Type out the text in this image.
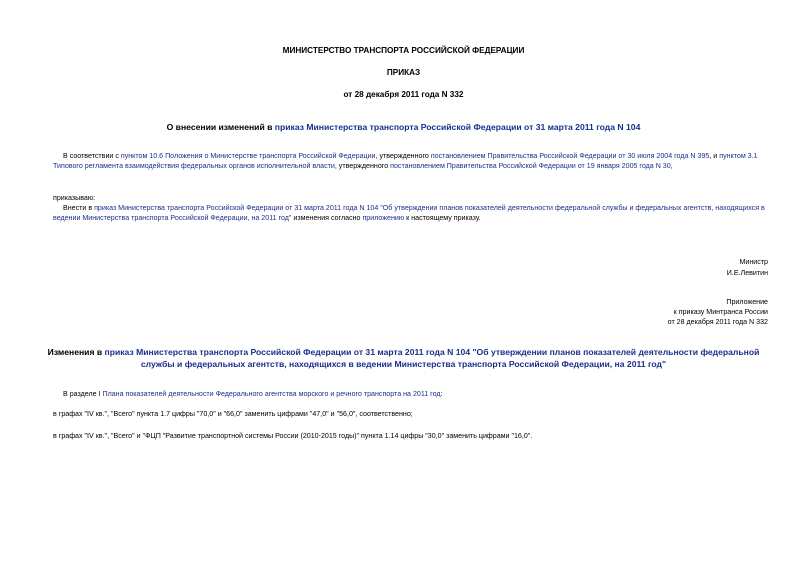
МИНИСТЕРСТВО ТРАНСПОРТА РОССИЙСКОЙ ФЕДЕРАЦИИ
ПРИКАЗ
от 28 декабря 2011 года N 332
О внесении изменений в приказ Министерства транспорта Российской Федерации от 31 марта 2011 года N 104
В соответствии с пунктом 10.6 Положения о Министерстве транспорта Российской Федерации, утвержденного постановлением Правительства Российской Федерации от 30 июля 2004 года N 395, и пунктом 3.1 Типового регламента взаимодействия федеральных органов исполнительной власти, утвержденного постановлением Правительства Российской Федерации от 19 января 2005 года N 30,
приказываю:
Внести в приказ Министерства транспорта Российской Федерации от 31 марта 2011 года N 104 "Об утверждении планов показателей деятельности федеральной службы и федеральных агентств, находящихся в ведении Министерства транспорта Российской Федерации, на 2011 год" изменения согласно приложению к настоящему приказу.
Министр
И.Е.Левитин
Приложение
к приказу Минтранса России
от 28 декабря 2011 года N 332
Изменения в приказ Министерства транспорта Российской Федерации от 31 марта 2011 года N 104 "Об утверждении планов показателей деятельности федеральной службы и федеральных агентств, находящихся в ведении Министерства транспорта Российской Федерации, на 2011 год"
В разделе I Плана показателей деятельности Федерального агентства морского и речного транспорта на 2011 год:
в графах "IV кв.", "Всего" пункта 1.7 цифры "70,0" и "66,0" заменить цифрами "47,0" и "56,0", соответственно;
в графах "IV кв.", "Всего" и "ФЦП "Развитие транспортной системы России (2010-2015 годы)" пункта 1.14 цифры "30,0" заменить цифрами "16,0".
